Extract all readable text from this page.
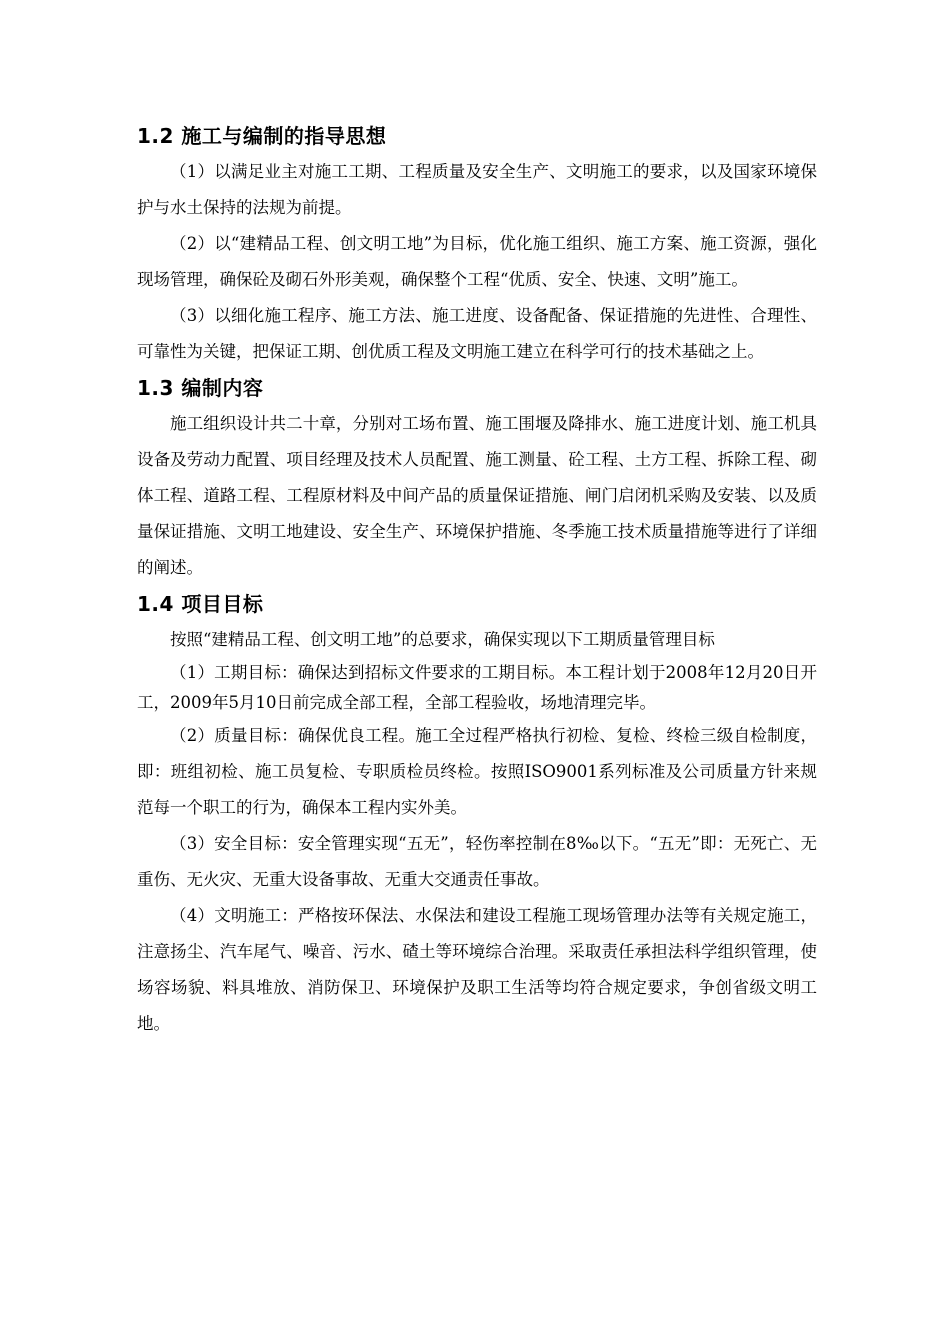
1.2 施工与编制的指导思想

（1）以满足业主对施工工期、工程质量及安全生产、文明施工的要求，以及国家环境保护与水土保持的法规为前提。

（2）以“建精品工程、创文明工地”为目标，优化施工组织、施工方案、施工资源，强化现场管理，确保砼及砌石外形美观，确保整个工程“优质、安全、快速、文明”施工。

（3）以细化施工程序、施工方法、施工进度、设备配备、保证措施的先进性、合理性、可靠性为关键，把保证工期、创优质工程及文明施工建立在科学可行的技术基础之上。

1.3 编制内容

施工组织设计共二十章，分别对工场布置、施工围堰及降排水、施工进度计划、施工机具设备及劳动力配置、项目经理及技术人员配置、施工测量、砼工程、土方工程、拆除工程、砌体工程、道路工程、工程原材料及中间产品的质量保证措施、闸门启闭机采购及安装、以及质量保证措施、文明工地建设、安全生产、环境保护措施、冬季施工技术质量措施等进行了详细的阐述。

1.4 项目目标

按照“建精品工程、创文明工地”的总要求，确保实现以下工期质量管理目标

（1）工期目标：确保达到招标文件要求的工期目标。本工程计划于2008年12月20日开工，2009年5月10日前完成全部工程，全部工程验收，场地清理完毕。

（2）质量目标：确保优良工程。施工全过程严格执行初检、复检、终检三级自检制度，即：班组初检、施工员复检、专职质检员终检。按照ISO9001系列标准及公司质量方针来规范每一个职工的行为，确保本工程内实外美。

（3）安全目标：安全管理实现“五无”，轻伤率控制在8‰以下。“五无”即：无死亡、无重伤、无火灾、无重大设备事故、无重大交通责任事故。

（4）文明施工：严格按环保法、水保法和建设工程施工现场管理办法等有关规定施工，注意扬尘、汽车尾气、噪音、污水、碴土等环境综合治理。采取责任承担法科学组织管理，使场容场貌、料具堆放、消防保卫、环境保护及职工生活等均符合规定要求，争创省级文明工地。
